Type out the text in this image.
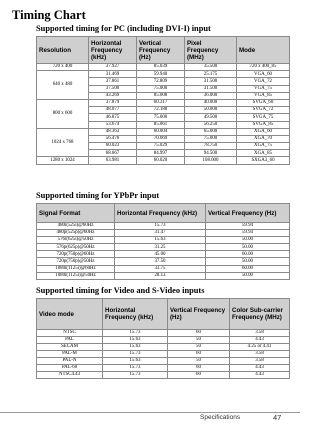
Timing Chart
Supported timing for PC (including DVI-I) input
Resolution	Horizontal Frequency (kHz)	Vertical Frequency (Hz)	Pixel Frequency (MHz)	Mode
720 x 400	37.927	85.039	35.500	720 x 400_85
640 x 480	31.469	59.940	25.175	VGA_60
	37.861	72.809	31.500	VGA_72
	37.500	75.000	31.500	VGA_75
	43.269	85.008	36.000	VGA_85
800 x 600	37.879	60.317	40.000	SVGA_60
	48.077	72.188	50.000	SVGA_72
	46.875	75.000	49.500	SVGA_75
	53.674	85.061	56.250	SVGA_85
1024 x 768	48.363	60.004	65.000	XGA_60
	56.476	70.069	75.000	XGA_70
	60.023	75.029	78.750	XGA_75
	68.667	84.997	94.500	XGA_85
1280 x 1024	63.981	60.020	108.000	SXGA3_60
Supported timing for YPbPr input
Signal Format	Horizontal Frequency (kHz)	Vertical Frequency (Hz)
480i(525i)@60Hz	15.73	59.94
480p(525p)@60Hz	31.47	59.94
576i(625i)@50Hz	15.63	50.00
576p(625p)@50Hz	31.25	50.00
720p(750p)@60Hz	45.00	60.00
720p(750p)@50Hz	37.50	50.00
1080i(1125i)@60Hz	33.75	60.00
1080i(1125i)@50Hz	28.13	50.00
Supported timing for Video and S-Video inputs
Video mode	Horizontal Frequency (kHz)	Vertical Frequency (Hz)	Color Sub-carrier Frequency (MHz)
NTSC	15.73	60	3.58
PAL	15.63	50	4.43
SECAM	15.63	50	4.25 or 4.41
PAL-M	15.73	60	3.58
PAL-N	15.63	50	3.58
PAL-60	15.73	60	4.43
NTSC4.43	15.73	60	4.43
Specifications	47
